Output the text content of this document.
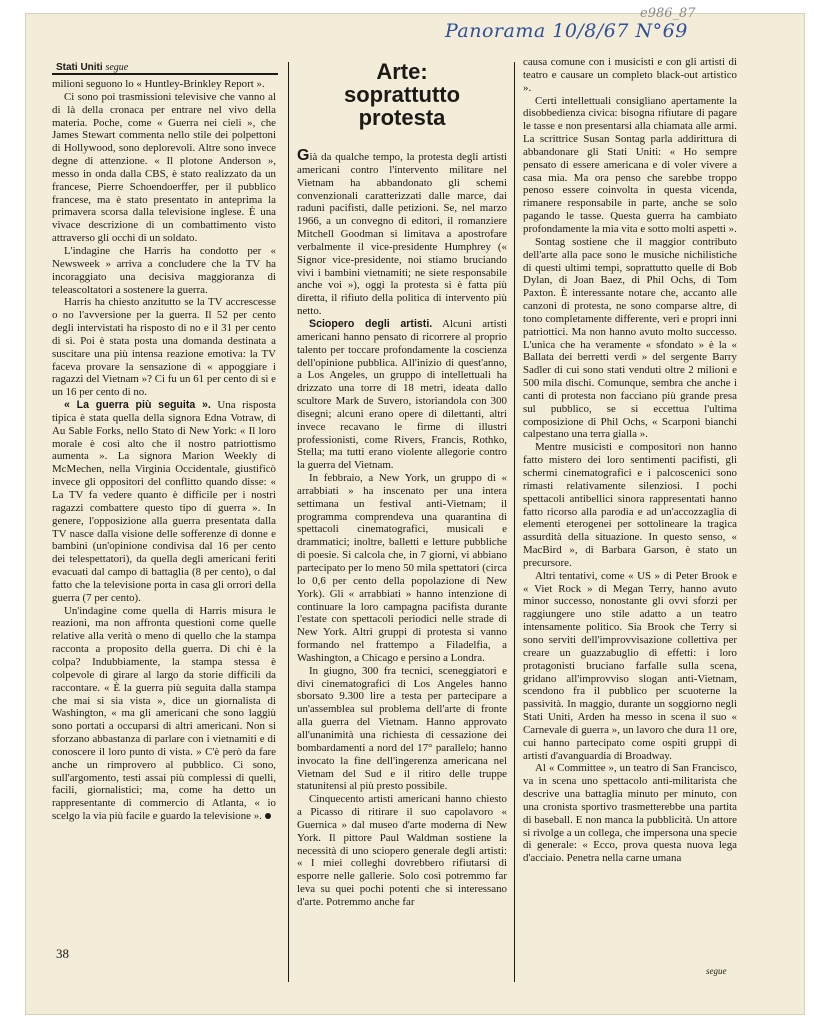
e986_87
Panorama 10/8/67 N°69
Stati Uniti segue	Arte:
soprattutto
protesta

milioni seguono lo « Huntley-Brinkley Report ».

Ci sono poi trasmissioni televisive che vanno al di là della cronaca per entrare nel vivo della materia. Poche, come « Guerra nei cieli », che James Stewart commenta nello stile dei polpettoni di Hollywood, sono deplorevoli. Altre sono invece degne di attenzione. « Il plotone Anderson », messo in onda dalla CBS, è stato realizzato da un francese, Pierre Schoendoerffer, per il pubblico francese, ma è stato presentato in anteprima la primavera scorsa dalla televisione inglese. È una vivace descrizione di un combattimento visto attraverso gli occhi di un soldato.

L'indagine che Harris ha condotto per « Newsweek » arriva a concludere che la TV ha incoraggiato una decisiva maggioranza di teleascoltatori a sostenere la guerra.

Harris ha chiesto anzitutto se la TV accrescesse o no l'avversione per la guerra. Il 52 per cento degli intervistati ha risposto di no e il 31 per cento di sì. Poi è stata posta una domanda destinata a suscitare una più intensa reazione emotiva: la TV faceva provare la sensazione di « appoggiare i ragazzi del Vietnam »? Ci fu un 61 per cento di sì e un 16 per cento di no.

« La guerra più seguita ». Una risposta tipica è stata quella della signora Edna Votraw, di Au Sable Forks, nello Stato di New York: « Il loro morale è così alto che il nostro patriottismo aumenta ». La signora Marion Weekly di McMechen, nella Virginia Occidentale, giustificò invece gli oppositori del conflitto quando disse: « La TV fa vedere quanto è difficile per i nostri ragazzi combattere questo tipo di guerra ». In genere, l'opposizione alla guerra presentata dalla TV nasce dalla visione delle sofferenze di donne e bambini (un'opinione condivisa dal 16 per cento dei telespettatori), da quella degli americani feriti evacuati dal campo di battaglia (8 per cento), o dal fatto che la televisione porta in casa gli orrori della guerra (7 per cento).

Un'indagine come quella di Harris misura le reazioni, ma non affronta questioni come quelle relative alla verità o meno di quello che la stampa racconta a proposito della guerra. Di chi è la colpa? Indubbiamente, la stampa stessa è colpevole di girare al largo da storie difficili da raccontare. « È la guerra più seguita dalla stampa che mai si sia vista », dice un giornalista di Washington, « ma gli americani che sono laggiù sono portati a occuparsi di altri americani. Non si sforzano abbastanza di parlare con i vietnamiti e di conoscere il loro punto di vista. » C'è però da fare anche un rimprovero al pubblico. Ci sono, sull'argomento, testi assai più complessi di quelli, facili, giornalistici; ma, come ha detto un rappresentante di commercio di Atlanta, « io scelgo la via più facile e guardo la televisione ».

Già da qualche tempo, la protesta degli artisti americani contro l'intervento militare nel Vietnam ha abbandonato gli schemi convenzionali caratterizzati dalle marce, dai raduni pacifisti, dalle petizioni. Se, nel marzo 1966, a un convegno di editori, il romanziere Mitchell Goodman si limitava a apostrofare verbalmente il vice-presidente Humphrey (« Signor vice-presidente, noi stiamo bruciando vivi i bambini vietnamiti; ne siete responsabile anche voi »), oggi la protesta si è fatta più diretta, il rifiuto della politica di intervento più netto.

Sciopero degli artisti. Alcuni artisti americani hanno pensato di ricorrere al proprio talento per toccare profondamente la coscienza dell'opinione pubblica. All'inizio di quest'anno, a Los Angeles, un gruppo di intellettuali ha drizzato una torre di 18 metri, ideata dallo scultore Mark de Suvero, istoriandola con 300 disegni; alcuni erano opere di dilettanti, altri invece recavano le firme di illustri professionisti, come Rivers, Francis, Rothko, Stella; ma tutti erano violente allegorie contro la guerra del Vietnam.

In febbraio, a New York, un gruppo di « arrabbiati » ha inscenato per una intera settimana un festival anti-Vietnam; il programma comprendeva una quarantina di spettacoli cinematografici, musicali e drammatici; inoltre, balletti e letture pubbliche di poesie. Si calcola che, in 7 giorni, vi abbiano partecipato per lo meno 50 mila spettatori (circa lo 0,6 per cento della popolazione di New York). Gli « arrabbiati » hanno intenzione di continuare la loro campagna pacifista durante l'estate con spettacoli periodici nelle strade di New York. Altri gruppi di protesta si vanno formando nel frattempo a Filadelfia, a Washington, a Chicago e persino a Londra.

In giugno, 300 fra tecnici, sceneggiatori e divi cinematografici di Los Angeles hanno sborsato 9.300 lire a testa per partecipare a un'assemblea sul problema dell'arte di fronte alla guerra del Vietnam. Hanno approvato all'unanimità una richiesta di cessazione dei bombardamenti a nord del 17° parallelo; hanno invocato la fine dell'ingerenza americana nel Vietnam del Sud e il ritiro delle truppe statunitensi al più presto possibile.

Cinquecento artisti americani hanno chiesto a Picasso di ritirare il suo capolavoro « Guernica » dal museo d'arte moderna di New York. Il pittore Paul Waldman sostiene la necessità di uno sciopero generale degli artisti: « I miei colleghi dovrebbero rifiutarsi di esporre nelle gallerie. Solo così potremmo far leva su quei pochi potenti che si interessano d'arte. Potremmo anche far

causa comune con i musicisti e con gli artisti di teatro e causare un completo black-out artistico ».

Certi intellettuali consigliano apertamente la disobbedienza civica: bisogna rifiutare di pagare le tasse e non presentarsi alla chiamata alle armi. La scrittrice Susan Sontag parla addirittura di abbandonare gli Stati Uniti: « Ho sempre pensato di essere americana e di voler vivere a casa mia. Ma ora penso che sarebbe troppo penoso essere coinvolta in questa vicenda, rimanere responsabile in parte, anche se solo pagando le tasse. Questa guerra ha cambiato profondamente la mia vita e sotto molti aspetti ».

Sontag sostiene che il maggior contributo dell'arte alla pace sono le musiche nichilistiche di questi ultimi tempi, soprattutto quelle di Bob Dylan, di Joan Baez, di Phil Ochs, di Tom Paxton. È interessante notare che, accanto alle canzoni di protesta, ne sono comparse altre, di tono completamente differente, veri e propri inni patriottici. Ma non hanno avuto molto successo. L'unica che ha veramente « sfondato » è la « Ballata dei berretti verdi » del sergente Barry Sadler di cui sono stati venduti oltre 2 milioni e 500 mila dischi. Comunque, sembra che anche i canti di protesta non facciano più grande presa sul pubblico, se si eccettua l'ultima composizione di Phil Ochs, « Scarponi bianchi calpestano una terra gialla ».

Mentre musicisti e compositori non hanno fatto mistero dei loro sentimenti pacifisti, gli schermi cinematografici e i palcoscenici sono rimasti relativamente silenziosi. I pochi spettacoli antibellici sinora rappresentati hanno fatto ricorso alla parodia e ad un'accozzaglia di elementi eterogenei per sottolineare la tragica assurdità della situazione. In questo senso, « MacBird », di Barbara Garson, è stato un precursore.

Altri tentativi, come « US » di Peter Brook e « Viet Rock » di Megan Terry, hanno avuto minor successo, nonostante gli ovvi sforzi per raggiungere uno stile adatto a un teatro intensamente politico. Sia Brook che Terry si sono serviti dell'improvvisazione collettiva per creare un guazzabuglio di effetti: i loro protagonisti bruciano farfalle sulla scena, gridano all'improvviso slogan anti-Vietnam, scendono fra il pubblico per scuoterne la passività. In maggio, durante un soggiorno negli Stati Uniti, Arden ha messo in scena il suo « Carnevale di guerra », un lavoro che dura 11 ore, cui hanno partecipato come ospiti gruppi di artisti d'avanguardia di Broadway.

Al « Committee », un teatro di San Francisco, va in scena uno spettacolo anti-militarista che descrive una battaglia minuto per minuto, con una cronista sportivo trasmetterebbe una partita di baseball. E non manca la pubblicità. Un attore si rivolge a un collega, che impersona una specie di generale: « Ecco, prova questa nuova lega d'acciaio. Penetra nella carne umana

38
segue
